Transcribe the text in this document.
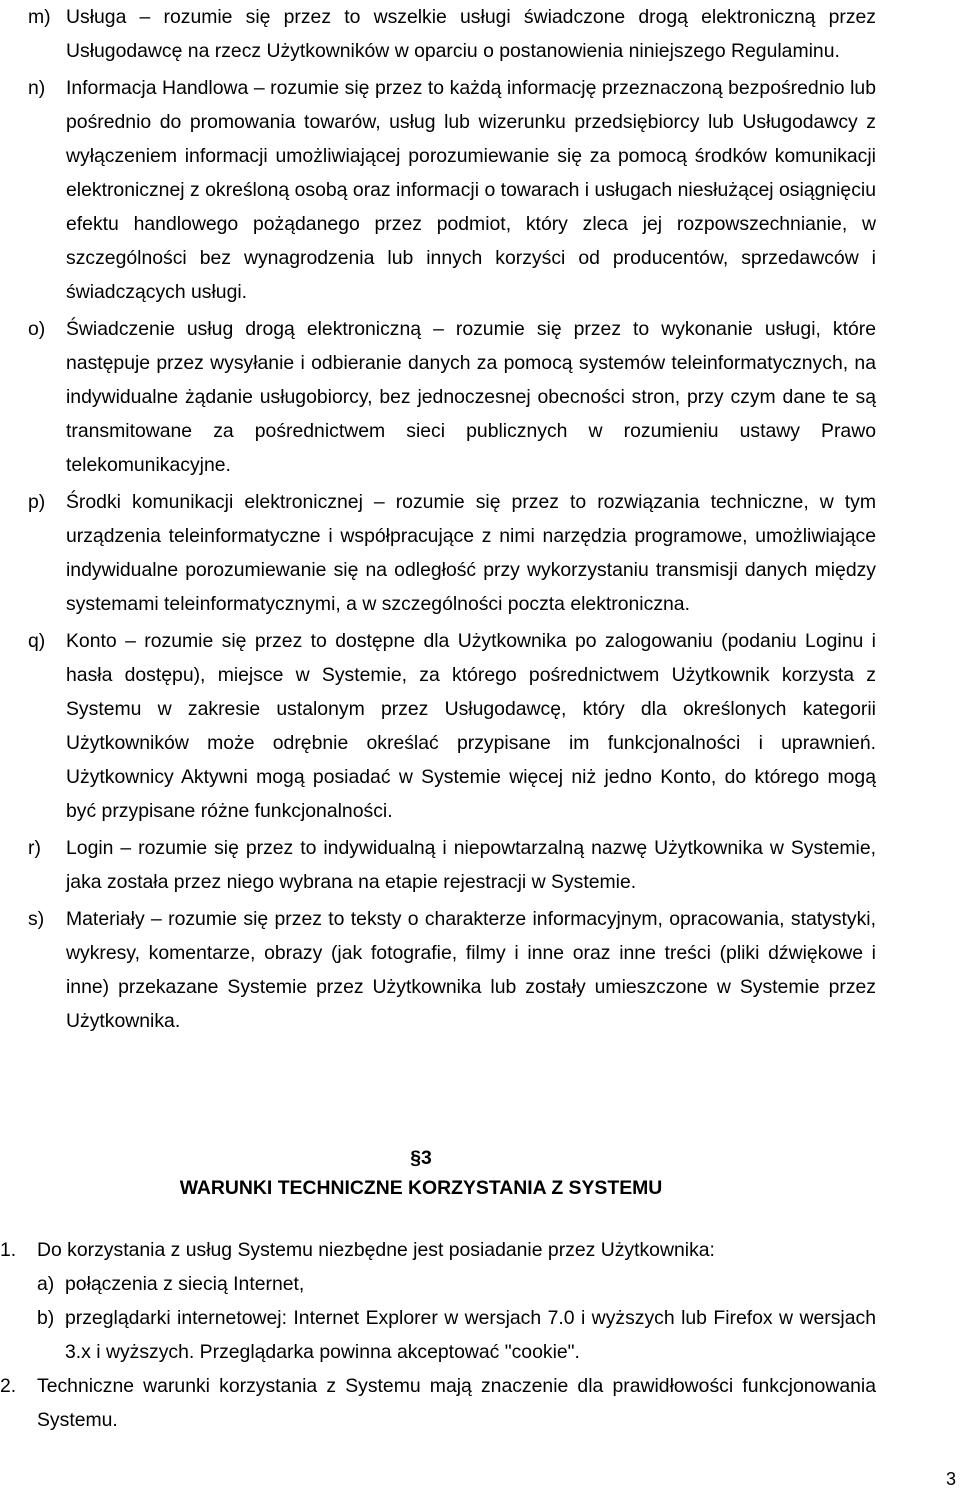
m) Usługa – rozumie się przez to wszelkie usługi świadczone drogą elektroniczną przez Usługodawcę na rzecz Użytkowników w oparciu o postanowienia niniejszego Regulaminu.
n)	Informacja Handlowa – rozumie się przez to każdą informację przeznaczoną bezpośrednio lub pośrednio do promowania towarów, usług lub wizerunku przedsiębiorcy lub Usługodawcy z wyłączeniem informacji umożliwiającej porozumiewanie się za pomocą środków komunikacji elektronicznej z określoną osobą oraz informacji o towarach i usługach niesłużącej osiągnięciu efektu handlowego pożądanego przez podmiot, który zleca jej rozpowszechnianie, w szczególności bez wynagrodzenia lub innych korzyści od producentów, sprzedawców i świadczących usługi.
o)	Świadczenie usług drogą elektroniczną – rozumie się przez to wykonanie usługi, które następuje przez wysyłanie i odbieranie danych za pomocą systemów teleinformatycznych, na indywidualne żądanie usługobiorcy, bez jednoczesnej obecności stron, przy czym dane te są transmitowane za pośrednictwem sieci publicznych w rozumieniu ustawy Prawo telekomunikacyjne.
p)	Środki komunikacji elektronicznej – rozumie się przez to rozwiązania techniczne, w tym urządzenia teleinformatyczne i współpracujące z nimi narzędzia programowe, umożliwiające indywidualne porozumiewanie się na odległość przy wykorzystaniu transmisji danych między systemami teleinformatycznymi, a w szczególności poczta elektroniczna.
q)	Konto – rozumie się przez to dostępne dla Użytkownika po zalogowaniu (podaniu Loginu i hasła dostępu), miejsce w Systemie, za którego pośrednictwem Użytkownik korzysta z Systemu w zakresie ustalonym przez Usługodawcę, który dla określonych kategorii Użytkowników może odrębnie określać przypisane im funkcjonalności i uprawnień. Użytkownicy Aktywni mogą posiadać w Systemie więcej niż jedno Konto, do którego mogą być przypisane różne funkcjonalności.
r)	Login – rozumie się przez to indywidualną i niepowtarzalną nazwę Użytkownika w Systemie, jaka została przez niego wybrana na etapie rejestracji w Systemie.
s)	Materiały – rozumie się przez to teksty o charakterze informacyjnym, opracowania, statystyki, wykresy, komentarze, obrazy (jak fotografie, filmy i inne oraz inne treści (pliki dźwiękowe i inne) przekazane Systemie przez Użytkownika lub zostały umieszczone w Systemie przez Użytkownika.
§3
WARUNKI TECHNICZNE KORZYSTANIA Z SYSTEMU
1.	Do korzystania z usług Systemu niezbędne jest posiadanie przez Użytkownika:
a) połączenia z siecią Internet,
b) przeglądarki internetowej: Internet Explorer w wersjach 7.0 i wyższych lub Firefox w wersjach 3.x i wyższych. Przeglądarka powinna akceptować "cookie".
2.	Techniczne warunki korzystania z Systemu mają znaczenie dla prawidłowości funkcjonowania Systemu.
3
